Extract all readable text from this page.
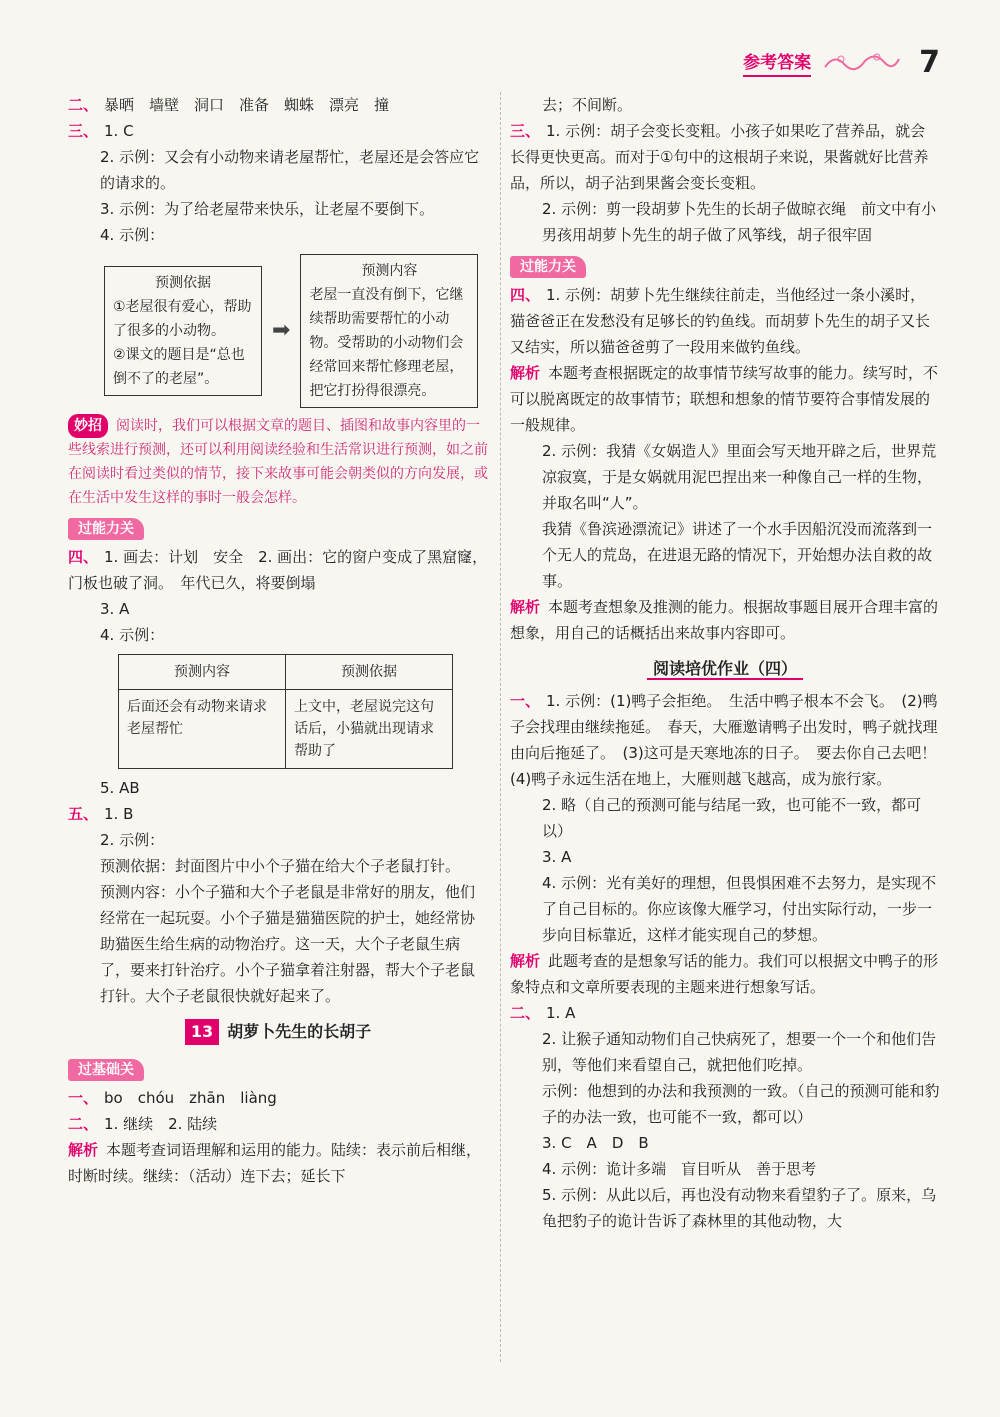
参考答案	7
二、 暴晒　墙壁　洞口　准备　蜘蛛　漂亮　撞
三、 1. C
2. 示例：又会有小动物来请老屋帮忙，老屋还是会答应它的请求的。
3. 示例：为了给老屋带来快乐，让老屋不要倒下。
4. 示例：
预测依据
①老屋很有爱心，帮助了很多的小动物。
②课文的题目是“总也倒不了的老屋”。
➡
预测内容
老屋一直没有倒下，它继续帮助需要帮忙的小动物。受帮助的小动物们会经常回来帮忙修理老屋，把它打扮得很漂亮。
妙招 阅读时，我们可以根据文章的题目、插图和故事内容里的一些线索进行预测，还可以利用阅读经验和生活常识进行预测，如之前在阅读时看过类似的情节，接下来故事可能会朝类似的方向发展，或在生活中发生这样的事时一般会怎样。
过能力关
四、 1. 画去：计划　安全　2. 画出：它的窗户变成了黑窟窿，门板也破了洞。　年代已久，将要倒塌
3. A
4. 示例：
预测内容	预测依据
后面还会有动物来请求老屋帮忙	上文中，老屋说完这句话后，小猫就出现请求帮助了
5. AB
五、 1. B
2. 示例：
预测依据：封面图片中小个子猫在给大个子老鼠打针。
预测内容：小个子猫和大个子老鼠是非常好的朋友，他们经常在一起玩耍。小个子猫是猫猫医院的护士，她经常协助猫医生给生病的动物治疗。这一天，大个子老鼠生病了，要来打针治疗。小个子猫拿着注射器，帮大个子老鼠打针。大个子老鼠很快就好起来了。
13 胡萝卜先生的长胡子
过基础关
一、 bo　chóu　zhān　liàng
二、 1. 继续　2. 陆续
解析 本题考查词语理解和运用的能力。陆续：表示前后相继，时断时续。继续：（活动）连下去；延长下
去；不间断。
三、 1. 示例：胡子会变长变粗。小孩子如果吃了营养品，就会长得更快更高。而对于①句中的这根胡子来说，果酱就好比营养品，所以，胡子沾到果酱会变长变粗。
2. 示例：剪一段胡萝卜先生的长胡子做晾衣绳　前文中有小男孩用胡萝卜先生的胡子做了风筝线，胡子很牢固
过能力关
四、 1. 示例：胡萝卜先生继续往前走，当他经过一条小溪时，猫爸爸正在发愁没有足够长的钓鱼线。而胡萝卜先生的胡子又长又结实，所以猫爸爸剪了一段用来做钓鱼线。
解析 本题考查根据既定的故事情节续写故事的能力。续写时，不可以脱离既定的故事情节；联想和想象的情节要符合事情发展的一般规律。
2. 示例：我猜《女娲造人》里面会写天地开辟之后，世界荒凉寂寞，于是女娲就用泥巴捏出来一种像自己一样的生物，并取名叫“人”。
我猜《鲁滨逊漂流记》讲述了一个水手因船沉没而流落到一个无人的荒岛，在进退无路的情况下，开始想办法自救的故事。
解析 本题考查想象及推测的能力。根据故事题目展开合理丰富的想象，用自己的话概括出来故事内容即可。
阅读培优作业（四）
一、 1. 示例：(1)鸭子会拒绝。　生活中鸭子根本不会飞。　(2)鸭子会找理由继续拖延。　春天，大雁邀请鸭子出发时，鸭子就找理由向后拖延了。　(3)这可是天寒地冻的日子。　要去你自己去吧！　(4)鸭子永远生活在地上，大雁则越飞越高，成为旅行家。
2. 略（自己的预测可能与结尾一致，也可能不一致，都可以）
3. A
4. 示例：光有美好的理想，但畏惧困难不去努力，是实现不了自己目标的。你应该像大雁学习，付出实际行动，一步一步向目标靠近，这样才能实现自己的梦想。
解析 此题考查的是想象写话的能力。我们可以根据文中鸭子的形象特点和文章所要表现的主题来进行想象写话。
二、 1. A
2. 让猴子通知动物们自己快病死了，想要一个一个和他们告别，等他们来看望自己，就把他们吃掉。
示例：他想到的办法和我预测的一致。（自己的预测可能和豹子的办法一致，也可能不一致，都可以）
3. C　A　D　B
4. 示例：诡计多端　盲目听从　善于思考
5. 示例：从此以后，再也没有动物来看望豹子了。原来，乌龟把豹子的诡计告诉了森林里的其他动物，大
